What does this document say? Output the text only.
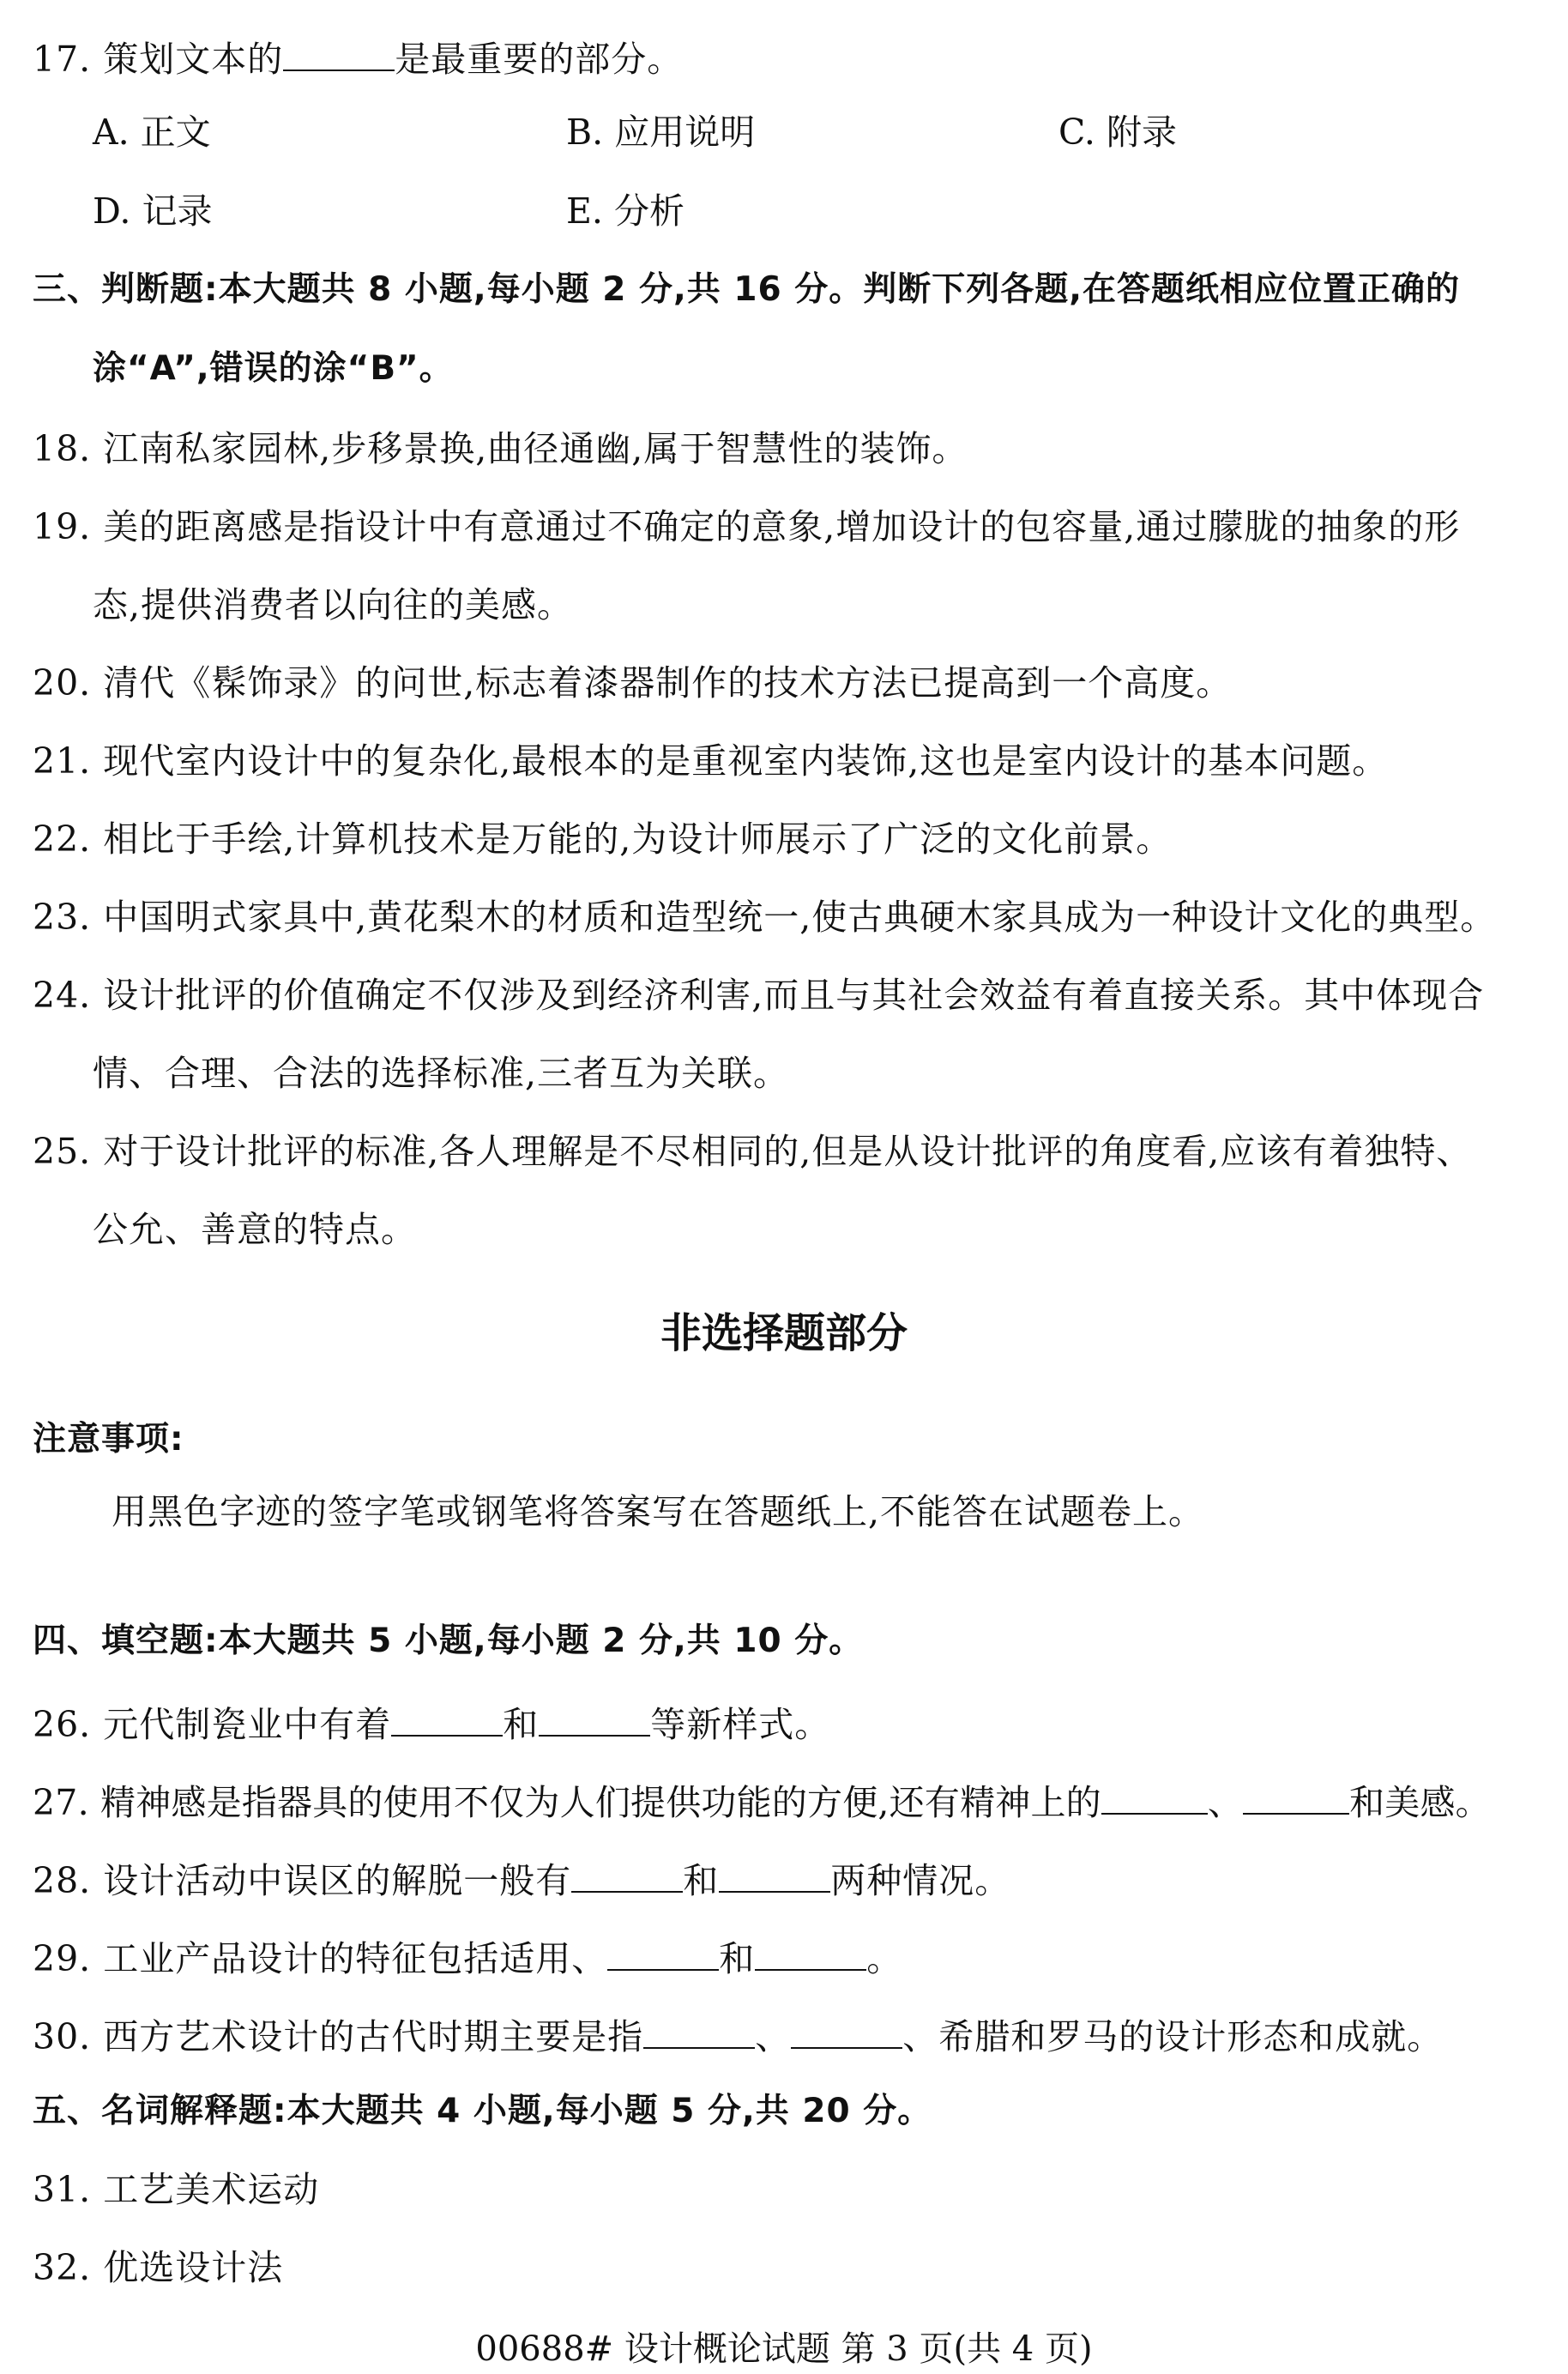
17. 策划文本的	是最重要的部分。
A. 正文	B. 应用说明	C. 附录
D. 记录	E. 分析
三、判断题:本大题共 8 小题,每小题 2 分,共 16 分。判断下列各题,在答题纸相应位置正确的
涂“A”,错误的涂“B”。
18. 江南私家园林,步移景换,曲径通幽,属于智慧性的装饰。
19. 美的距离感是指设计中有意通过不确定的意象,增加设计的包容量,通过朦胧的抽象的形
态,提供消费者以向往的美感。
20. 清代《髹饰录》的问世,标志着漆器制作的技术方法已提高到一个高度。
21. 现代室内设计中的复杂化,最根本的是重视室内装饰,这也是室内设计的基本问题。
22. 相比于手绘,计算机技术是万能的,为设计师展示了广泛的文化前景。
23. 中国明式家具中,黄花梨木的材质和造型统一,使古典硬木家具成为一种设计文化的典型。
24. 设计批评的价值确定不仅涉及到经济利害,而且与其社会效益有着直接关系。其中体现合
情、合理、合法的选择标准,三者互为关联。
25. 对于设计批评的标准,各人理解是不尽相同的,但是从设计批评的角度看,应该有着独特、
公允、善意的特点。
非选择题部分
注意事项:
用黑色字迹的签字笔或钢笔将答案写在答题纸上,不能答在试题卷上。
四、填空题:本大题共 5 小题,每小题 2 分,共 10 分。
26. 元代制瓷业中有着	和	等新样式。
27. 精神感是指器具的使用不仅为人们提供功能的方便,还有精神上的	、	和美感。
28. 设计活动中误区的解脱一般有	和	两种情况。
29. 工业产品设计的特征包括适用、	和	。
30. 西方艺术设计的古代时期主要是指	、	、希腊和罗马的设计形态和成就。
五、名词解释题:本大题共 4 小题,每小题 5 分,共 20 分。
31. 工艺美术运动
32. 优选设计法
00688# 设计概论试题 第 3 页(共 4 页)
